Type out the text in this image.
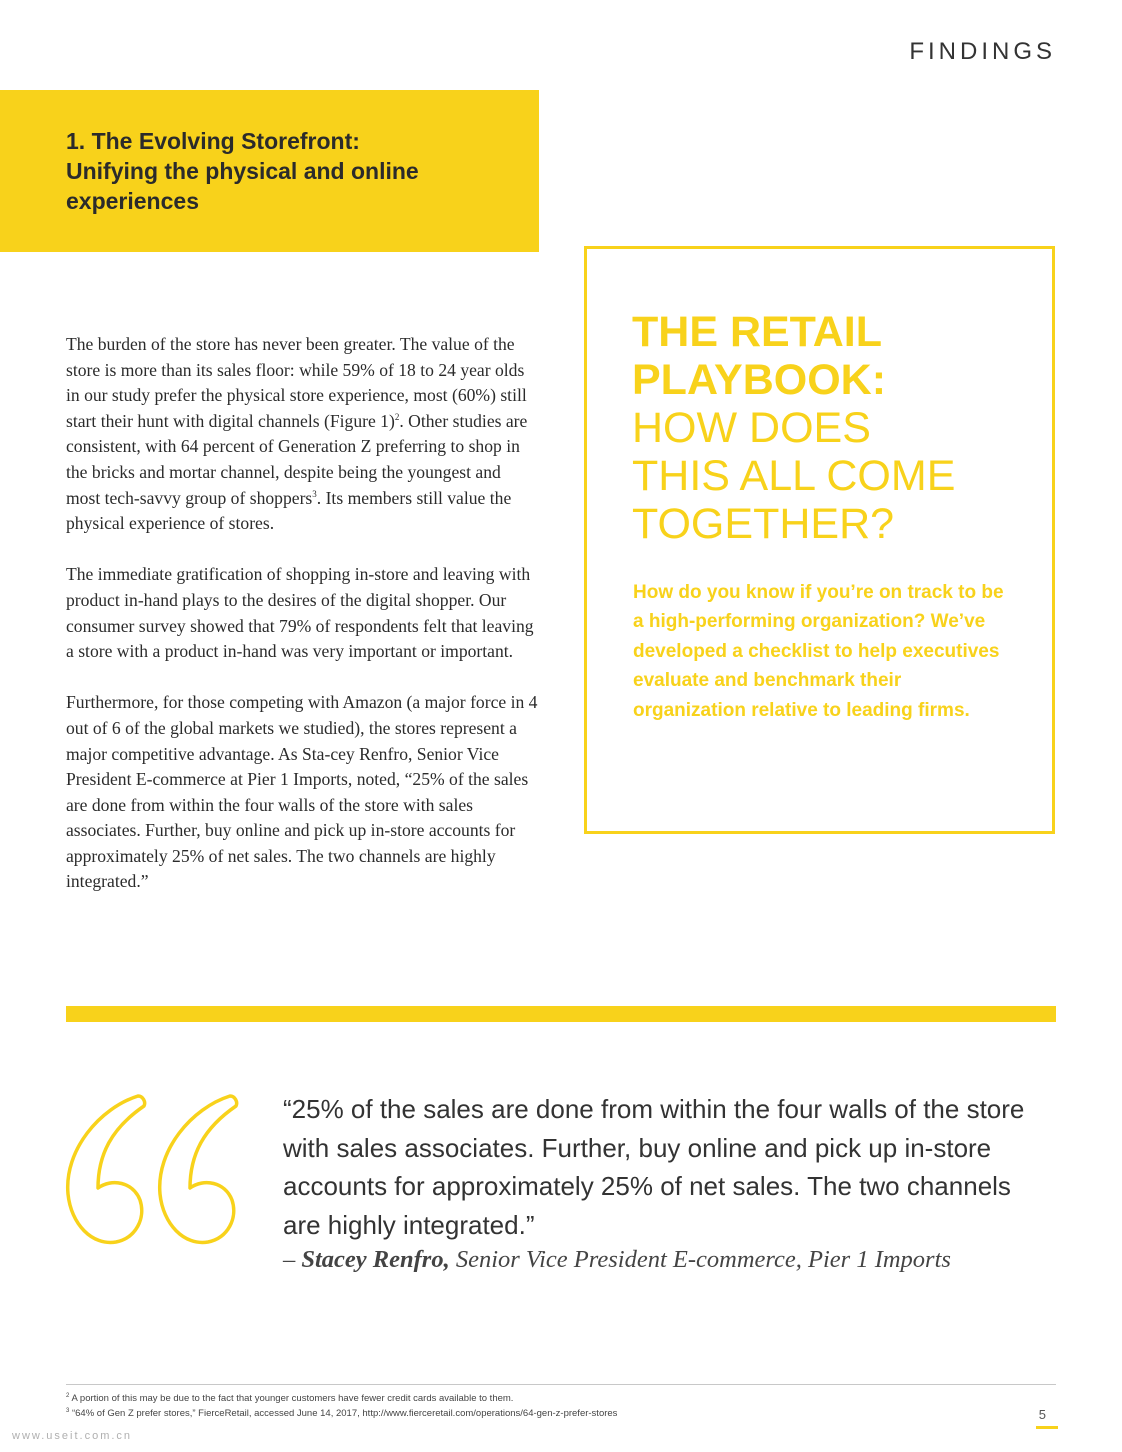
FINDINGS
1. The Evolving Storefront:
Unifying the physical and online
experiences

The burden of the store has never been greater. The value of the store is more than its sales floor: while 59% of 18 to 24 year olds in our study prefer the physical store experience, most (60%) still start their hunt with digital channels (Figure 1)$^2$. Other studies are consistent, with 64 percent of Generation Z preferring to shop in the bricks and mortar channel, despite being the youngest and most tech-savvy group of shoppers$^3$. Its members still value the physical experience of stores.

The immediate gratification of shopping in-store and leaving with product in-hand plays to the desires of the digital shopper. Our consumer survey showed that 79% of respondents felt that leaving a store with a product in-hand was very important or important.

Furthermore, for those competing with Amazon (a major force in 4 out of 6 of the global markets we studied), the stores represent a major competitive advantage. As Sta-cey Renfro, Senior Vice President E-commerce at Pier 1 Imports, noted, “25% of the sales are done from within the four walls of the store with sales associates. Further, buy online and pick up in-store accounts for approximately 25% of net sales. The two channels are highly integrated.”

THE RETAIL
PLAYBOOK:
HOW DOES
THIS ALL COME
TOGETHER?
How do you know if you’re on track to be a high-performing organization? We’ve developed a checklist to help executives evaluate and benchmark their organization relative to leading firms.
“25% of the sales are done from within the four walls of the store with sales associates. Further, buy online and pick up in-store accounts for approximately 25% of net sales. The two channels are highly integrated.”
– Stacey Renfro, Senior Vice President E-commerce, Pier 1 Imports
$^2$ A portion of this may be due to the fact that younger customers have fewer credit cards available to them.
$^3$ “64% of Gen Z prefer stores,” FierceRetail, accessed June 14, 2017, http://www.fierceretail.com/operations/64-gen-z-prefer-stores	5
www.useit.com.cn
